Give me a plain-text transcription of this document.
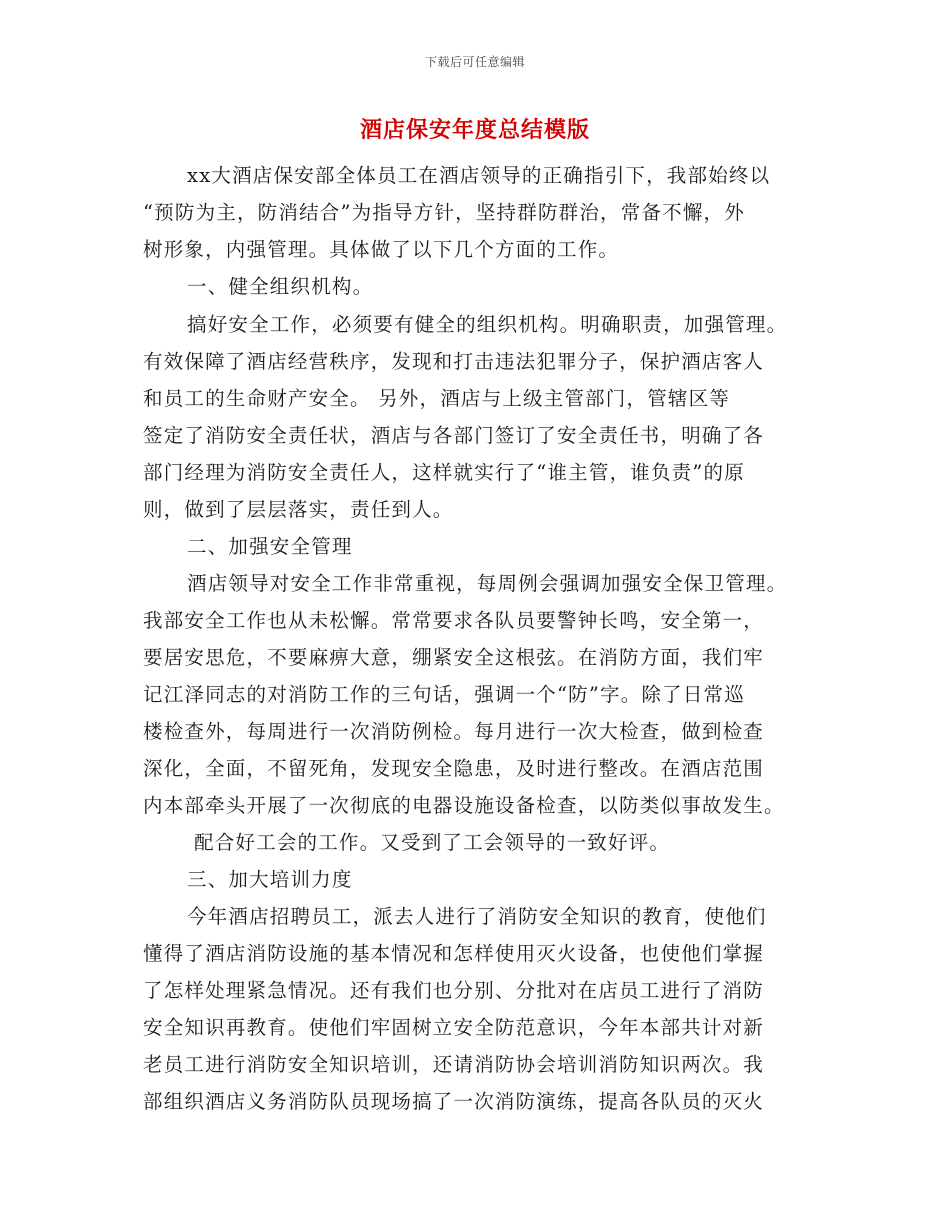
下载后可任意编辑
酒店保安年度总结模版
xx大酒店保安部全体员工在酒店领导的正确指引下，我部始终以
“预防为主，防消结合”为指导方针，坚持群防群治，常备不懈，外
树形象，内强管理。具体做了以下几个方面的工作。
一、健全组织机构。
搞好安全工作，必须要有健全的组织机构。明确职责，加强管理。
有效保障了酒店经营秩序，发现和打击违法犯罪分子，保护酒店客人
和员工的生命财产安全。 另外，酒店与上级主管部门，管辖区等
签定了消防安全责任状，酒店与各部门签订了安全责任书，明确了各
部门经理为消防安全责任人，这样就实行了“谁主管，谁负责”的原
则，做到了层层落实，责任到人。
二、加强安全管理
酒店领导对安全工作非常重视，每周例会强调加强安全保卫管理。
我部安全工作也从未松懈。常常要求各队员要警钟长鸣，安全第一，
要居安思危，不要麻痹大意，绷紧安全这根弦。在消防方面，我们牢
记江泽同志的对消防工作的三句话，强调一个“防”字。除了日常巡
楼检查外，每周进行一次消防例检。每月进行一次大检查，做到检查
深化，全面，不留死角，发现安全隐患，及时进行整改。在酒店范围
内本部牵头开展了一次彻底的电器设施设备检查，以防类似事故发生。
配合好工会的工作。又受到了工会领导的一致好评。
三、加大培训力度
今年酒店招聘员工，派去人进行了消防安全知识的教育，使他们
懂得了酒店消防设施的基本情况和怎样使用灭火设备，也使他们掌握
了怎样处理紧急情况。还有我们也分别、分批对在店员工进行了消防
安全知识再教育。使他们牢固树立安全防范意识，今年本部共计对新
老员工进行消防安全知识培训，还请消防协会培训消防知识两次。我
部组织酒店义务消防队员现场搞了一次消防演练，提高各队员的灭火
